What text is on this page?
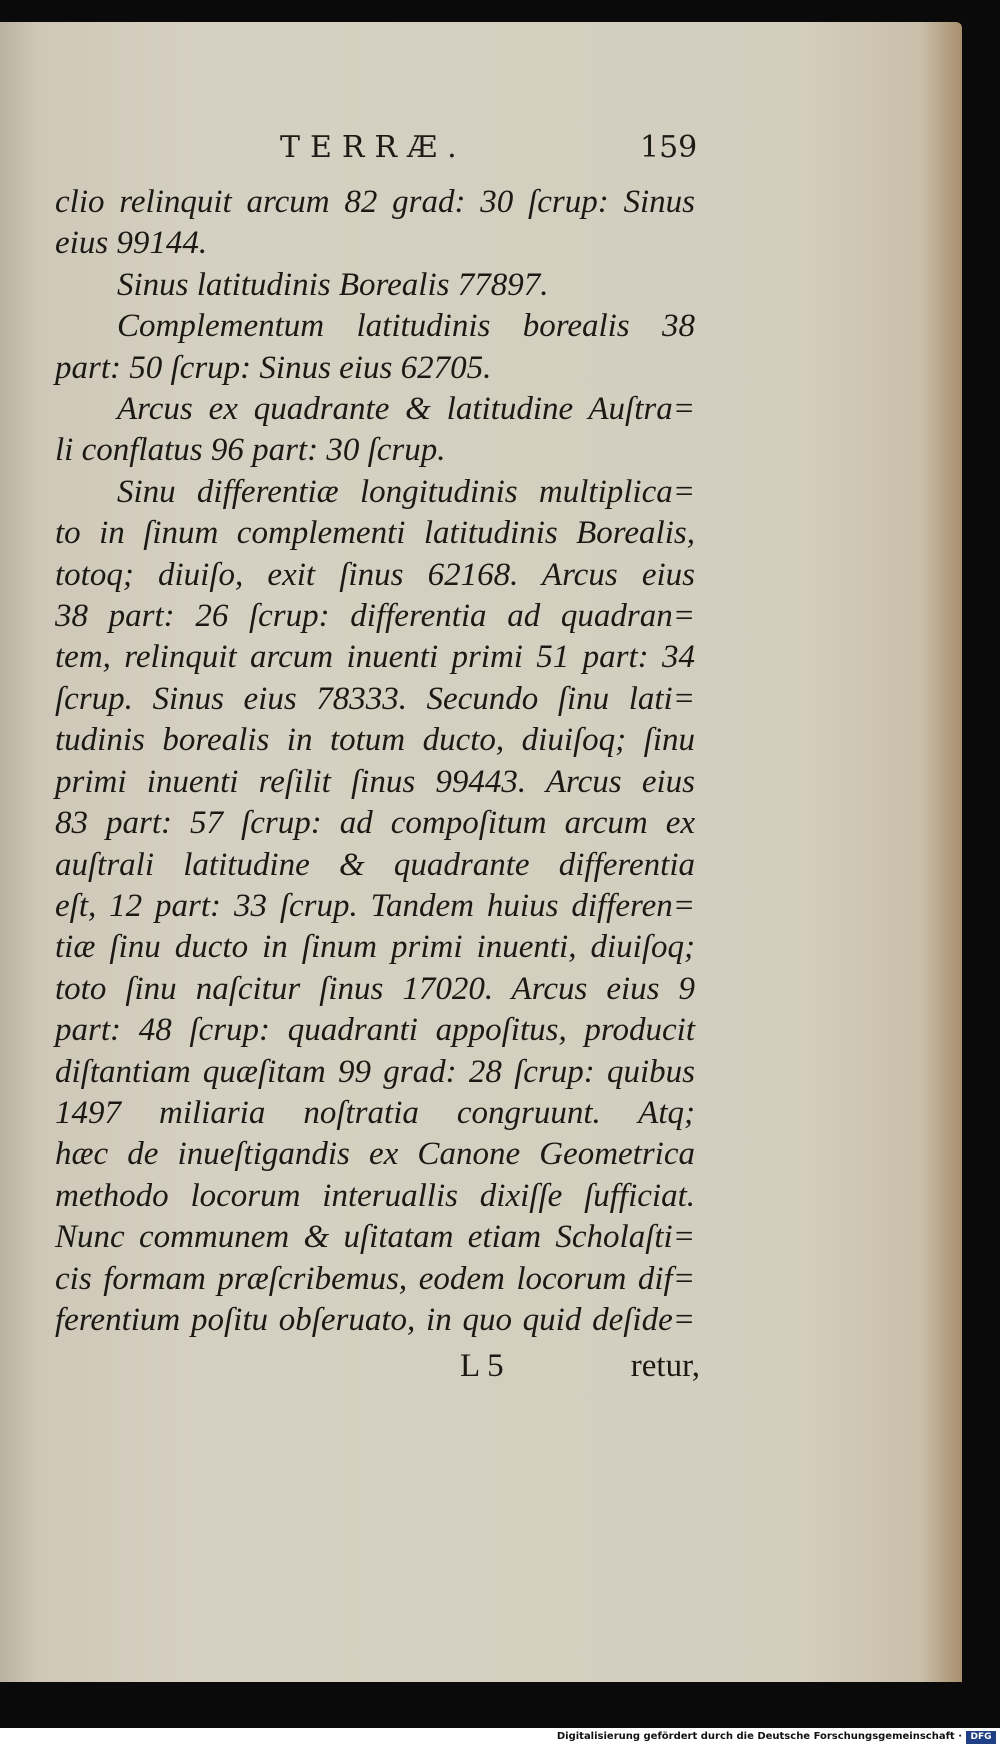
TERRÆ.	159
clio relinquit arcum 82 grad: 30 ſcrup: Sinus
eius 99144.
Sinus latitudinis Borealis 77897.
Complementum latitudinis borealis 38
part: 50 ſcrup: Sinus eius 62705.
Arcus ex quadrante & latitudine Auſtra=
li conflatus 96 part: 30 ſcrup.
Sinu differentiæ longitudinis multiplica=
to in ſinum complementi latitudinis Borealis,
totoq; diuiſo, exit ſinus 62168. Arcus eius
38 part: 26 ſcrup: differentia ad quadran=
tem, relinquit arcum inuenti primi 51 part: 34
ſcrup. Sinus eius 78333. Secundo ſinu lati=
tudinis borealis in totum ducto, diuiſoq; ſinu
primi inuenti reſilit ſinus 99443. Arcus eius
83 part: 57 ſcrup: ad compoſitum arcum ex
auſtrali latitudine & quadrante differentia
eſt, 12 part: 33 ſcrup. Tandem huius differen=
tiæ ſinu ducto in ſinum primi inuenti, diuiſoq;
toto ſinu naſcitur ſinus 17020. Arcus eius 9
part: 48 ſcrup: quadranti appoſitus, producit
diſtantiam quæſitam 99 grad: 28 ſcrup: quibus
1497 miliaria noſtratia congruunt. Atq;
hæc de inueſtigandis ex Canone Geometrica
methodo locorum interuallis dixiſſe ſufficiat.
Nunc communem & uſitatam etiam Scholaſti=
cis formam præſcribemus, eodem locorum dif=
ferentium poſitu obſeruato, in quo quid deſide=
L 5	retur,
Digitalisierung gefördert durch die Deutsche Forschungsgemeinschaft · DFG
